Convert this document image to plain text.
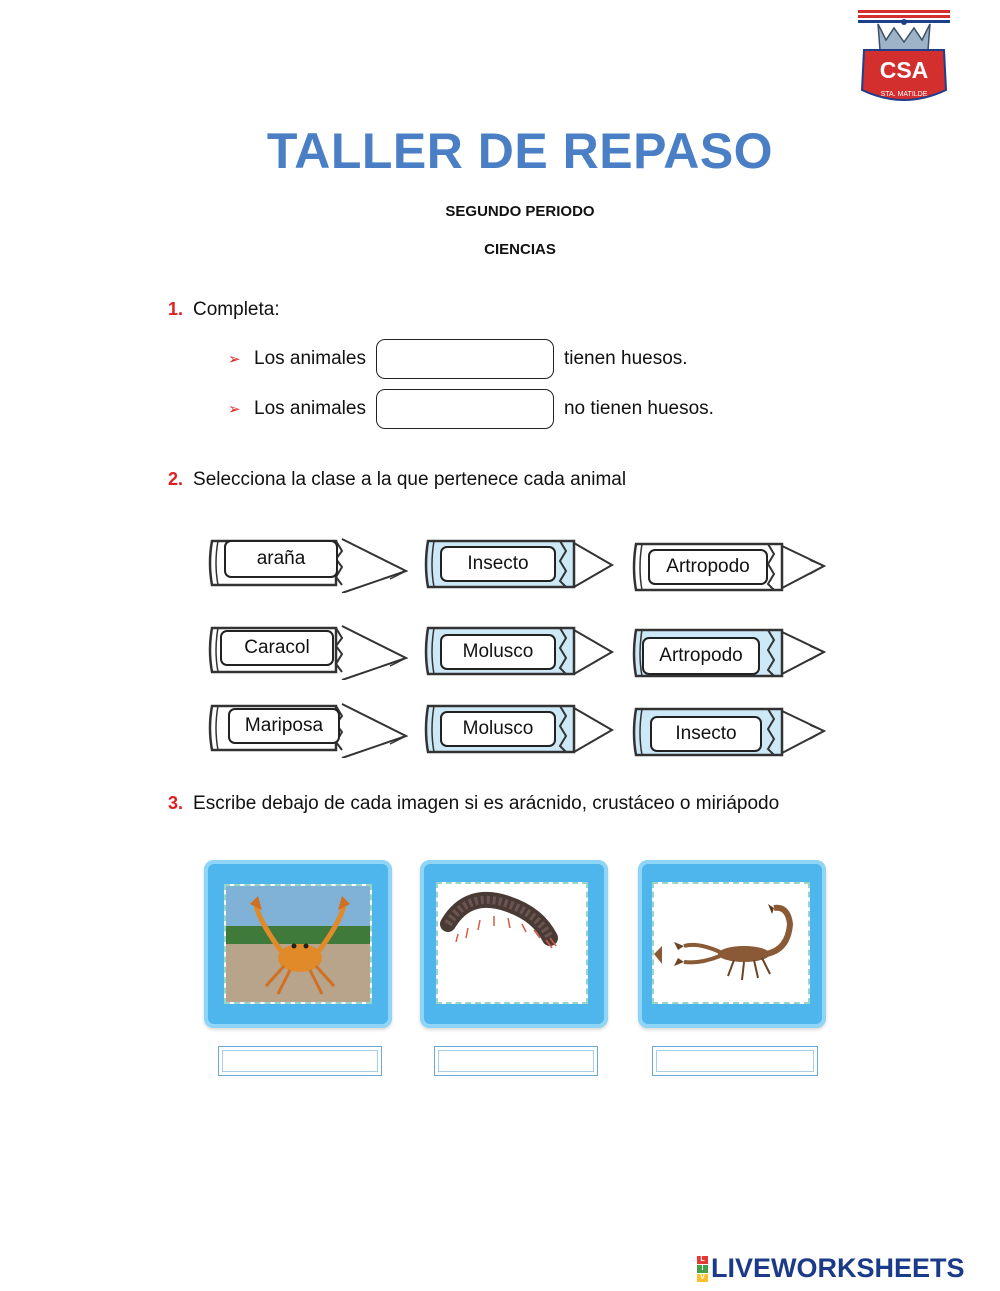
CSA
STA. MATILDE
TALLER DE REPASO
SEGUNDO PERIODO
CIENCIAS
1. Completa:
➢ Los animales	tienen huesos.
➢ Los animales	no tienen huesos.
2. Selecciona la clase a la que pertenece cada animal
araña	Insecto	Artropodo
Caracol	Molusco	Artropodo
Mariposa	Molusco	Insecto
3. Escribe debajo de cada imagen si es arácnido, crustáceo o miriápodo
L
I
V LIVEWORKSHEETS
